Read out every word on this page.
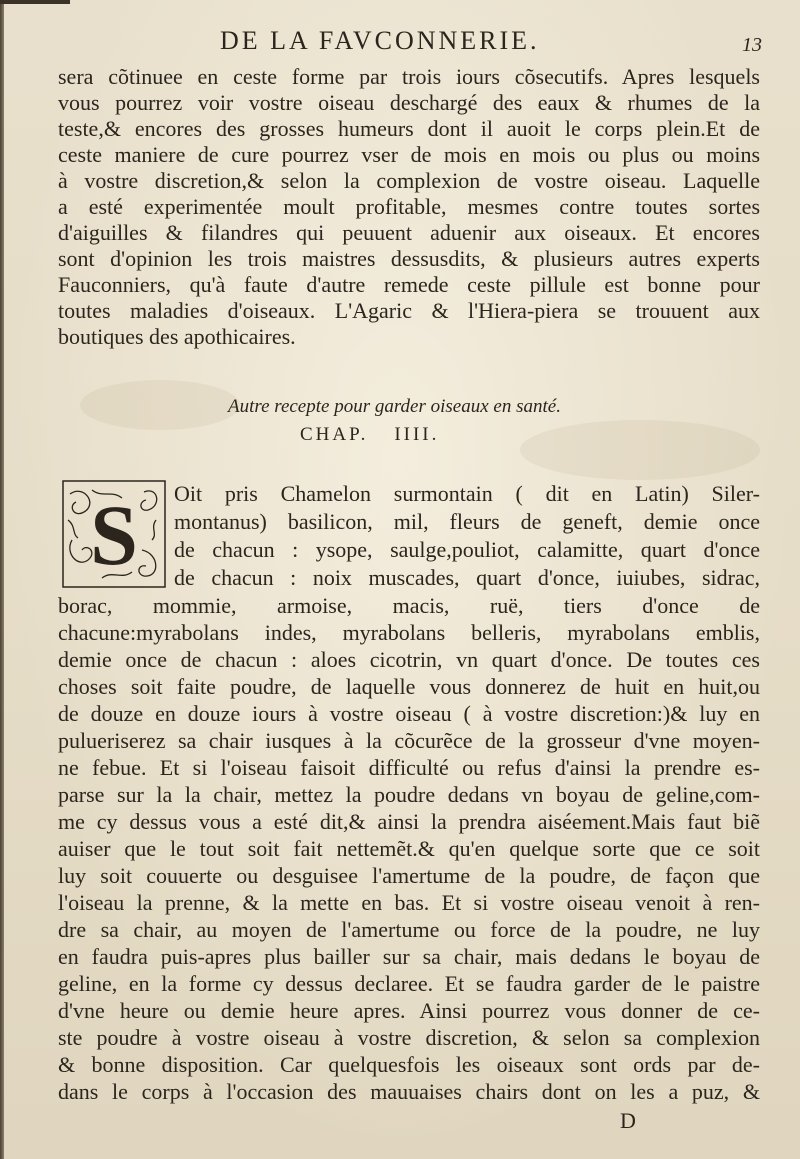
DE LA FAVCONNERIE.	13
sera cõtinuee en ceste forme par trois iours cõsecutifs. Apres lesquels
vous pourrez voir vostre oiseau deschargé des eaux & rhumes de la
teste,& encores des grosses humeurs dont il auoit le corps plein.Et de
ceste maniere de cure pourrez vser de mois en mois ou plus ou moins
à vostre discretion,& selon la complexion de vostre oiseau. Laquelle
a esté experimentée moult profitable, mesmes contre toutes sortes
d'aiguilles & filandres qui peuuent aduenir aux oiseaux. Et encores
sont d'opinion les trois maistres dessusdits, & plusieurs autres experts
Fauconniers, qu'à faute d'autre remede ceste pillule est bonne pour
toutes maladies d'oiseaux. L'Agaric & l'Hiera-piera se trouuent aux
boutiques des apothicaires.
Autre recepte pour garder oiseaux en santé.
CHAP. IIII.
S Oit pris Chamelon surmontain ( dit en Latin) Siler-
montanus) basilicon, mil, fleurs de geneft, demie once
de chacun : ysope, saulge,pouliot, calamitte, quart d'once
de chacun : noix muscades, quart d'once, iuiubes, sidrac,
borac, mommie, armoise, macis, ruë, tiers d'once de
chacune:myrabolans indes, myrabolans belleris, myrabolans emblis,
demie once de chacun : aloes cicotrin, vn quart d'once. De toutes ces
choses soit faite poudre, de laquelle vous donnerez de huit en huit,ou
de douze en douze iours à vostre oiseau ( à vostre discretion:)& luy en
pulueriserez sa chair iusques à la cõcurẽce de la grosseur d'vne moyen-
ne febue. Et si l'oiseau faisoit difficulté ou refus d'ainsi la prendre es-
parse sur la la chair, mettez la poudre dedans vn boyau de geline,com-
me cy dessus vous a esté dit,& ainsi la prendra aiséement.Mais faut biẽ
auiser que le tout soit fait nettemẽt.& qu'en quelque sorte que ce soit
luy soit couuerte ou desguisee l'amertume de la poudre, de façon que
l'oiseau la prenne, & la mette en bas. Et si vostre oiseau venoit à ren-
dre sa chair, au moyen de l'amertume ou force de la poudre, ne luy
en faudra puis-apres plus bailler sur sa chair, mais dedans le boyau de
geline, en la forme cy dessus declaree. Et se faudra garder de le paistre
d'vne heure ou demie heure apres. Ainsi pourrez vous donner de ce-
ste poudre à vostre oiseau à vostre discretion, & selon sa complexion
& bonne disposition. Car quelquesfois les oiseaux sont ords par de-
dans le corps à l'occasion des mauuaises chairs dont on les a puz, &
D
